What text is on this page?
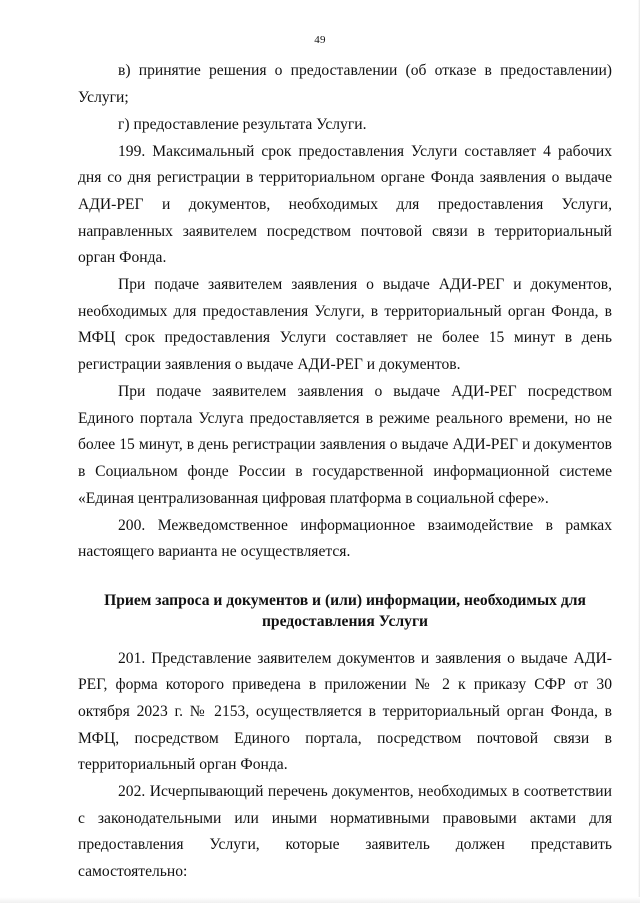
49

в) принятие решения о предоставлении (об отказе в предоставлении) Услуги;

г) предоставление результата Услуги.

199. Максимальный срок предоставления Услуги составляет 4 рабочих дня со дня регистрации в территориальном органе Фонда заявления о выдаче АДИ-РЕГ и документов, необходимых для предоставления Услуги, направленных заявителем посредством почтовой связи в территориальный орган Фонда.

При подаче заявителем заявления о выдаче АДИ-РЕГ и документов, необходимых для предоставления Услуги, в территориальный орган Фонда, в МФЦ срок предоставления Услуги составляет не более 15 минут в день регистрации заявления о выдаче АДИ-РЕГ и документов.

При подаче заявителем заявления о выдаче АДИ-РЕГ посредством Единого портала Услуга предоставляется в режиме реального времени, но не более 15 минут, в день регистрации заявления о выдаче АДИ-РЕГ и документов в Социальном фонде России в государственной информационной системе «Единая централизованная цифровая платформа в социальной сфере».

200. Межведомственное информационное взаимодействие в рамках настоящего варианта не осуществляется.

Прием запроса и документов и (или) информации, необходимых для
предоставления Услуги

201. Представление заявителем документов и заявления о выдаче АДИ-РЕГ, форма которого приведена в приложении № 2 к приказу СФР от 30 октября 2023 г. № 2153, осуществляется в территориальный орган Фонда, в МФЦ, посредством Единого портала, посредством почтовой связи в территориальный орган Фонда.

202. Исчерпывающий перечень документов, необходимых в соответствии с законодательными или иными нормативными правовыми актами для предоставления Услуги, которые заявитель должен представить самостоятельно:
